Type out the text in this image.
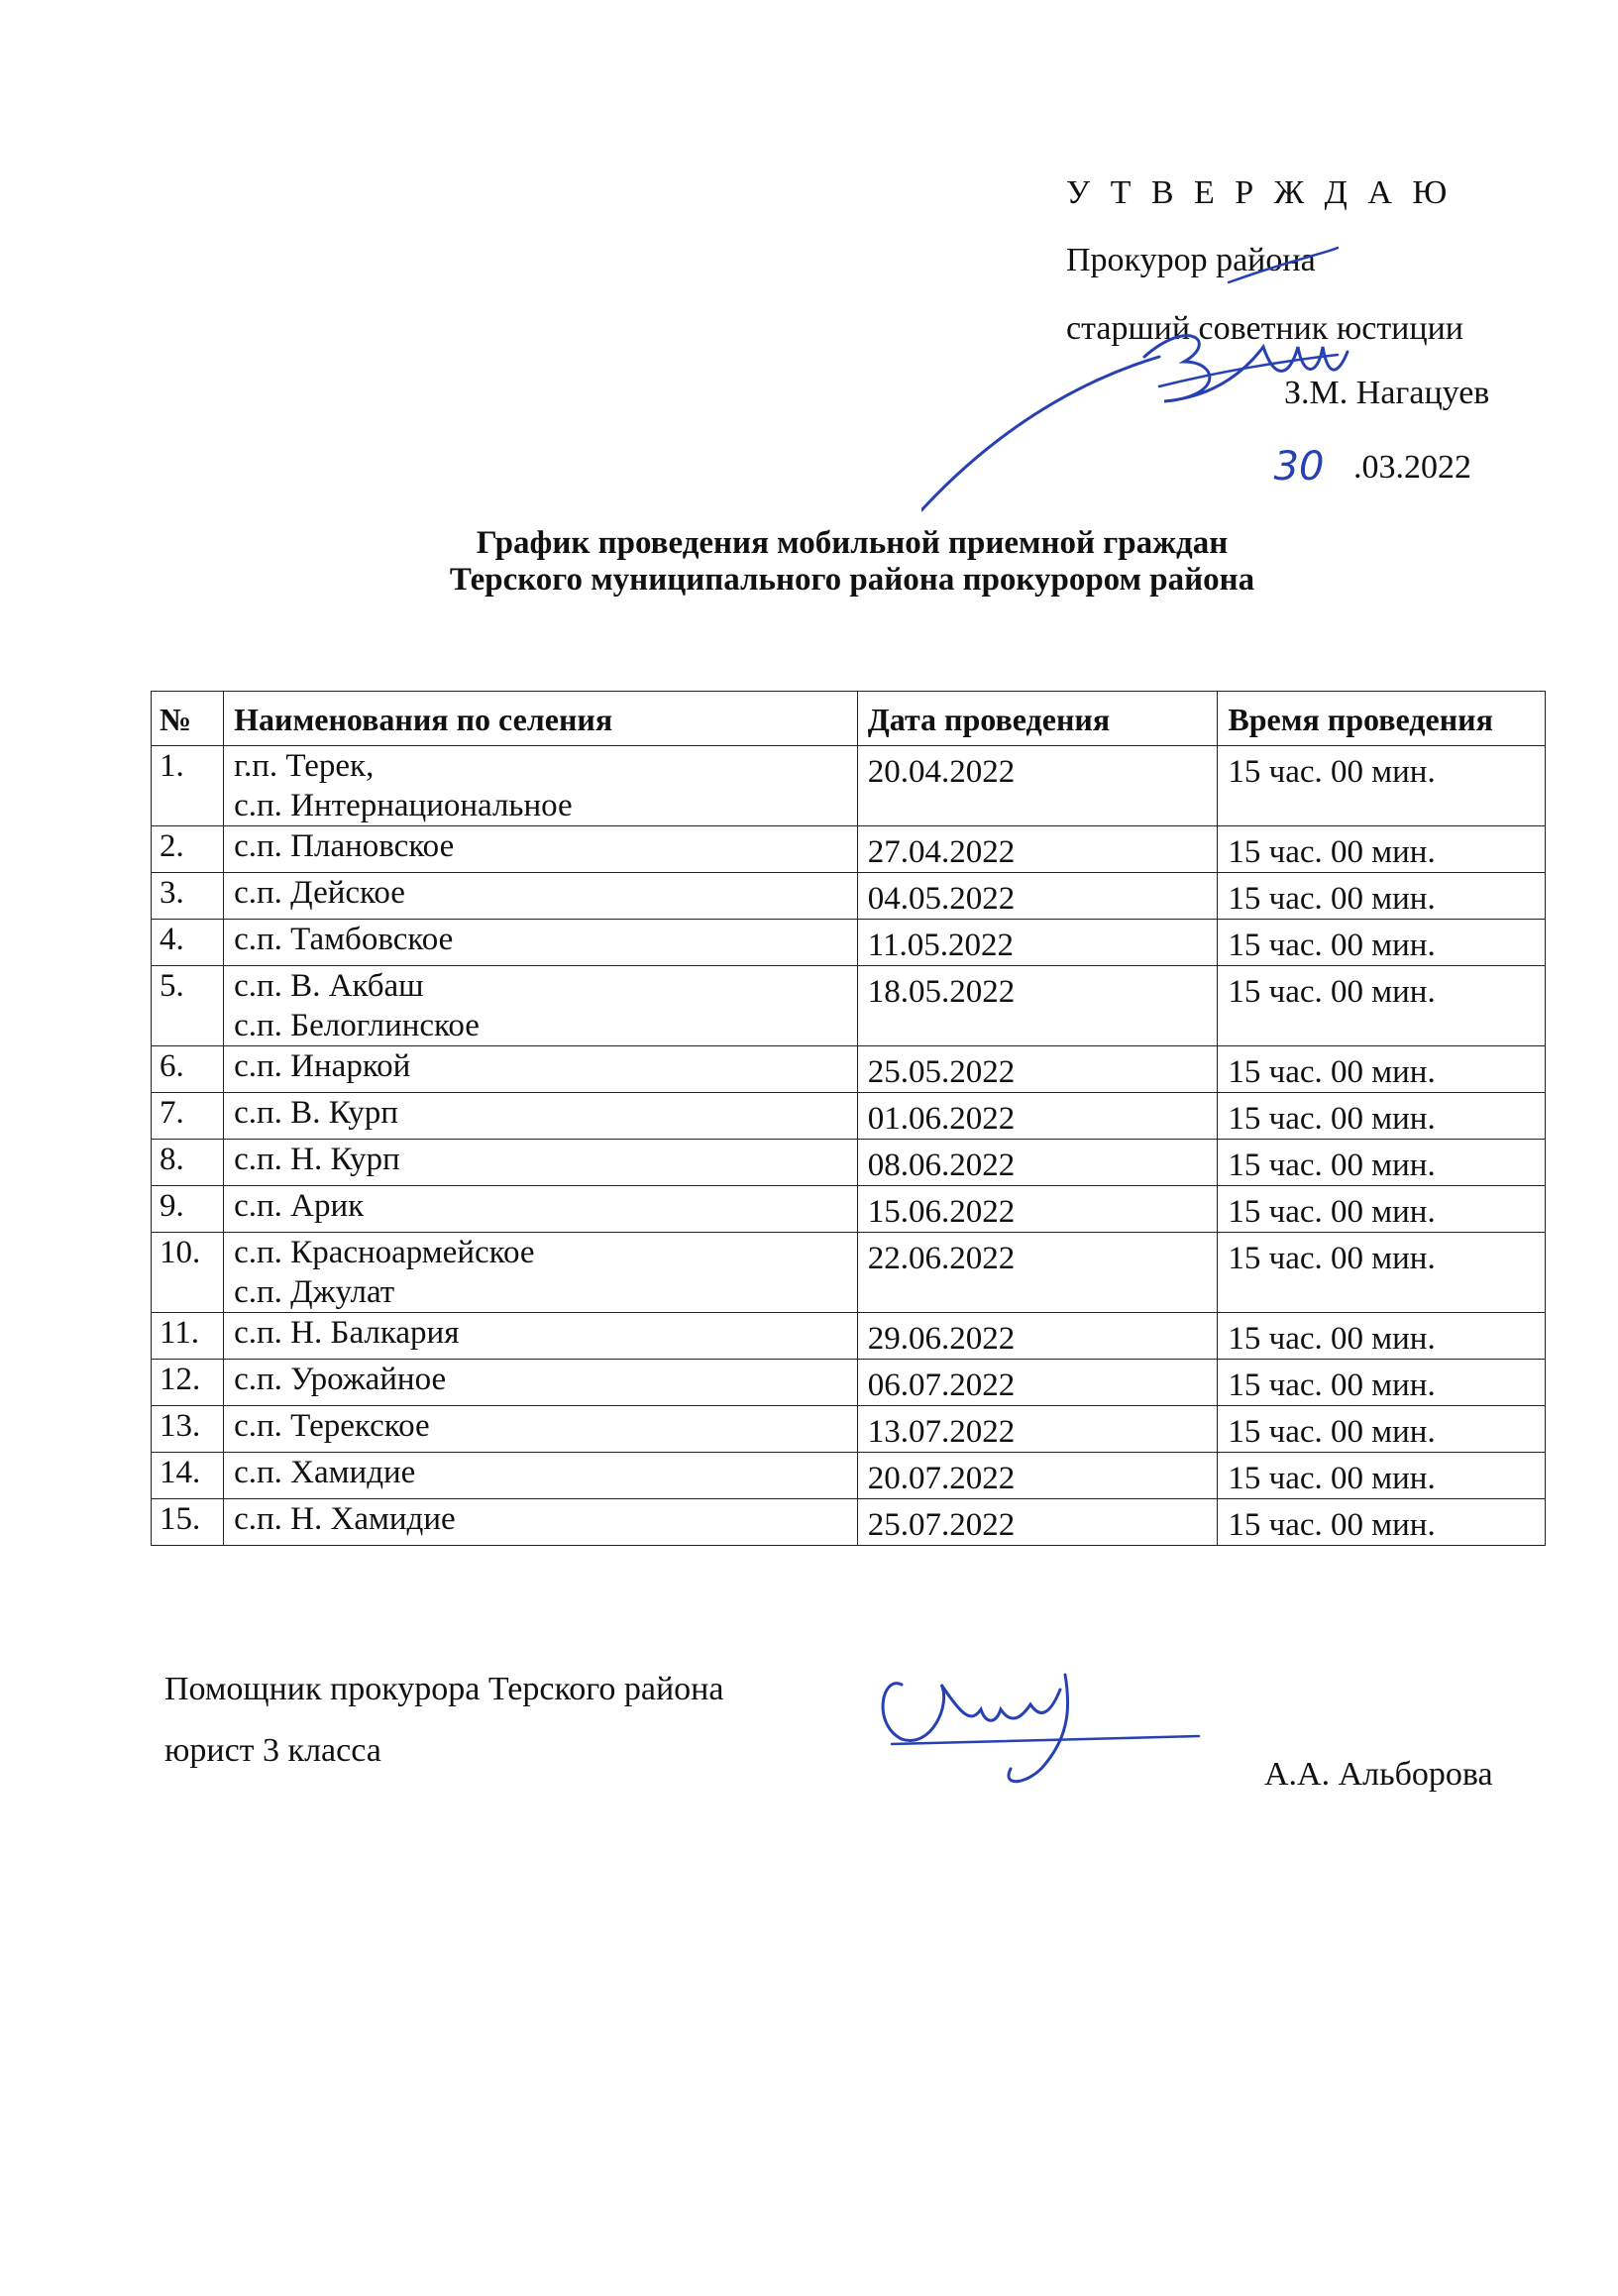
У Т В Е Р Ж Д А Ю
Прокурор района
старший советник юстиции
З.М. Нагацуев
30 .03.2022
График проведения мобильной приемной граждан
Терского муниципального района прокурором района
№	Наименования по селения	Дата проведения	Время проведения
1.	г.п. Терек,
с.п. Интернациональное	20.04.2022	15 час. 00 мин.
2.	с.п. Плановское	27.04.2022	15 час. 00 мин.
3.	с.п. Дейское	04.05.2022	15 час. 00 мин.
4.	с.п. Тамбовское	11.05.2022	15 час. 00 мин.
5.	с.п. В. Акбаш
с.п. Белоглинское	18.05.2022	15 час. 00 мин.
6.	с.п. Инаркой	25.05.2022	15 час. 00 мин.
7.	с.п. В. Курп	01.06.2022	15 час. 00 мин.
8.	с.п. Н. Курп	08.06.2022	15 час. 00 мин.
9.	с.п. Арик	15.06.2022	15 час. 00 мин.
10.	с.п. Красноармейское
с.п. Джулат	22.06.2022	15 час. 00 мин.
11.	с.п. Н. Балкария	29.06.2022	15 час. 00 мин.
12.	с.п. Урожайное	06.07.2022	15 час. 00 мин.
13.	с.п. Терекское	13.07.2022	15 час. 00 мин.
14.	с.п. Хамидие	20.07.2022	15 час. 00 мин.
15.	с.п. Н. Хамидие	25.07.2022	15 час. 00 мин.
Помощник прокурора Терского района
юрист 3 класса
А.А. Альборова
